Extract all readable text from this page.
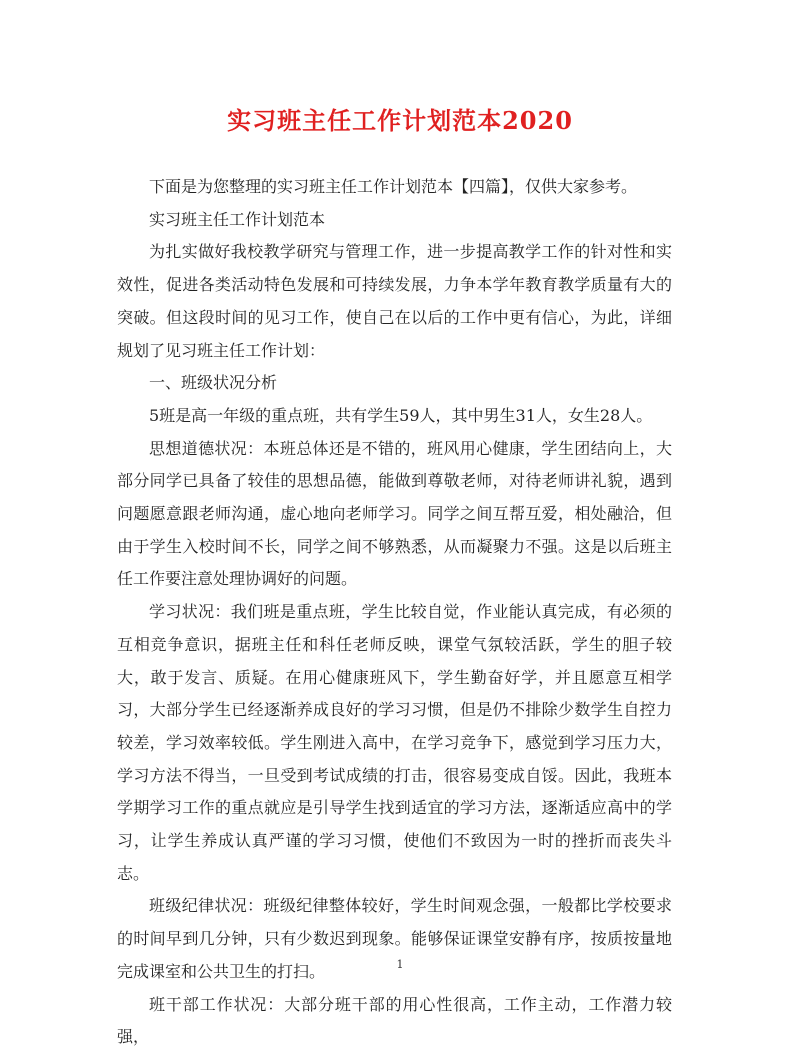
实习班主任工作计划范本2020

下面是为您整理的实习班主任工作计划范本【四篇】，仅供大家参考。

实习班主任工作计划范本

为扎实做好我校教学研究与管理工作，进一步提高教学工作的针对性和实效性，促进各类活动特色发展和可持续发展，力争本学年教育教学质量有大的突破。但这段时间的见习工作，使自己在以后的工作中更有信心，为此，详细规划了见习班主任工作计划：

一、班级状况分析

5班是高一年级的重点班，共有学生59人，其中男生31人，女生28人。

思想道德状况：本班总体还是不错的，班风用心健康，学生团结向上，大部分同学已具备了较佳的思想品德，能做到尊敬老师，对待老师讲礼貌，遇到问题愿意跟老师沟通，虚心地向老师学习。同学之间互帮互爱，相处融洽，但由于学生入校时间不长，同学之间不够熟悉，从而凝聚力不强。这是以后班主任工作要注意处理协调好的问题。

学习状况：我们班是重点班，学生比较自觉，作业能认真完成，有必须的互相竞争意识，据班主任和科任老师反映，课堂气氛较活跃，学生的胆子较大，敢于发言、质疑。在用心健康班风下，学生勤奋好学，并且愿意互相学习，大部分学生已经逐渐养成良好的学习习惯，但是仍不排除少数学生自控力较差，学习效率较低。学生刚进入高中，在学习竞争下，感觉到学习压力大，学习方法不得当，一旦受到考试成绩的打击，很容易变成自馁。因此，我班本学期学习工作的重点就应是引导学生找到适宜的学习方法，逐渐适应高中的学习，让学生养成认真严谨的学习习惯，使他们不致因为一时的挫折而丧失斗志。

班级纪律状况：班级纪律整体较好，学生时间观念强，一般都比学校要求的时间早到几分钟，只有少数迟到现象。能够保证课堂安静有序，按质按量地完成课室和公共卫生的打扫。

班干部工作状况：大部分班干部的用心性很高，工作主动，工作潜力较强，

1
